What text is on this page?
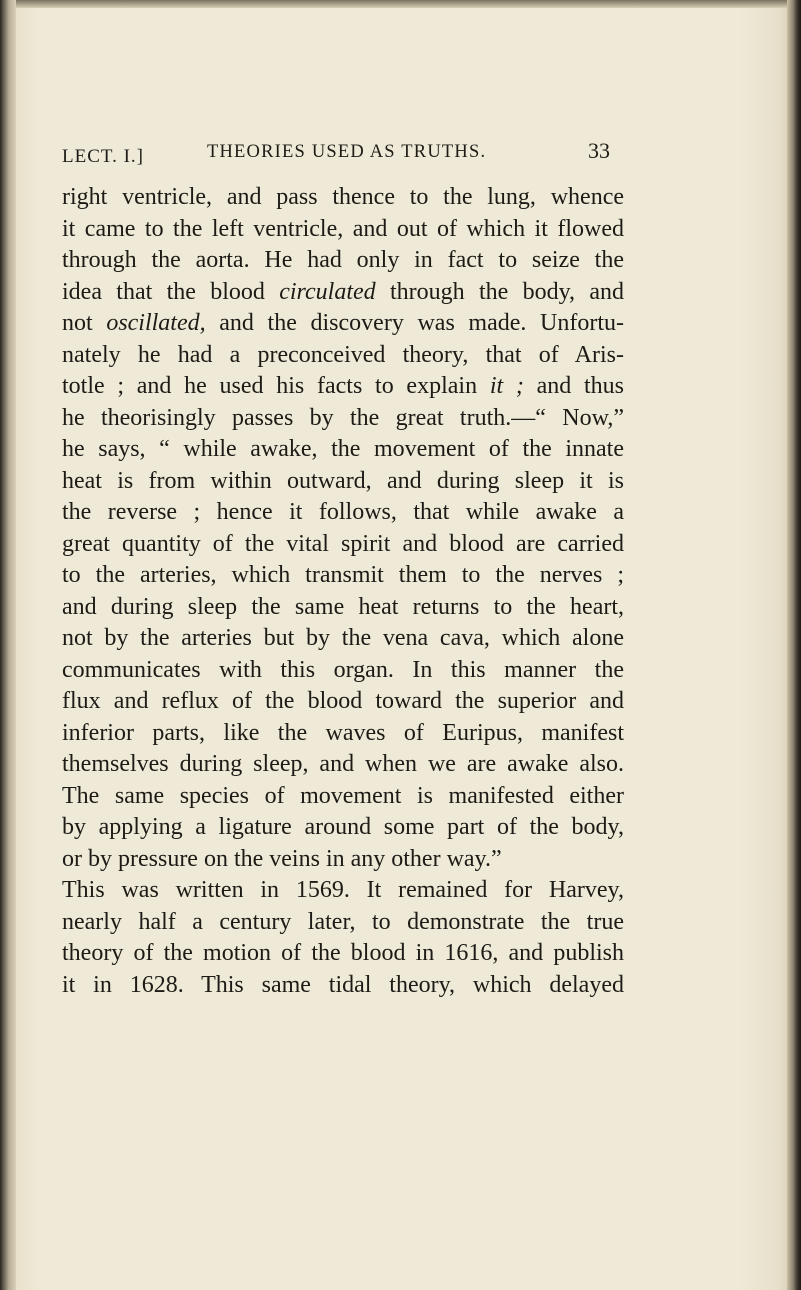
LECT. I.]	THEORIES USED AS TRUTHS.	33
right ventricle, and pass thence to the lung, whence
it came to the left ventricle, and out of which it flowed
through the aorta. He had only in fact to seize the
idea that the blood circulated through the body, and
not oscillated, and the discovery was made. Unfortu-
nately he had a preconceived theory, that of Aris-
totle ; and he used his facts to explain it ; and thus
he theorisingly passes by the great truth.—“ Now,”
he says, “ while awake, the movement of the innate
heat is from within outward, and during sleep it is
the reverse ; hence it follows, that while awake a
great quantity of the vital spirit and blood are carried
to the arteries, which transmit them to the nerves ;
and during sleep the same heat returns to the heart,
not by the arteries but by the vena cava, which alone
communicates with this organ. In this manner the
flux and reflux of the blood toward the superior and
inferior parts, like the waves of Euripus, manifest
themselves during sleep, and when we are awake also.
The same species of movement is manifested either
by applying a ligature around some part of the body,
or by pressure on the veins in any other way.”
This was written in 1569. It remained for Harvey,
nearly half a century later, to demonstrate the true
theory of the motion of the blood in 1616, and publish
it in 1628. This same tidal theory, which delayed
